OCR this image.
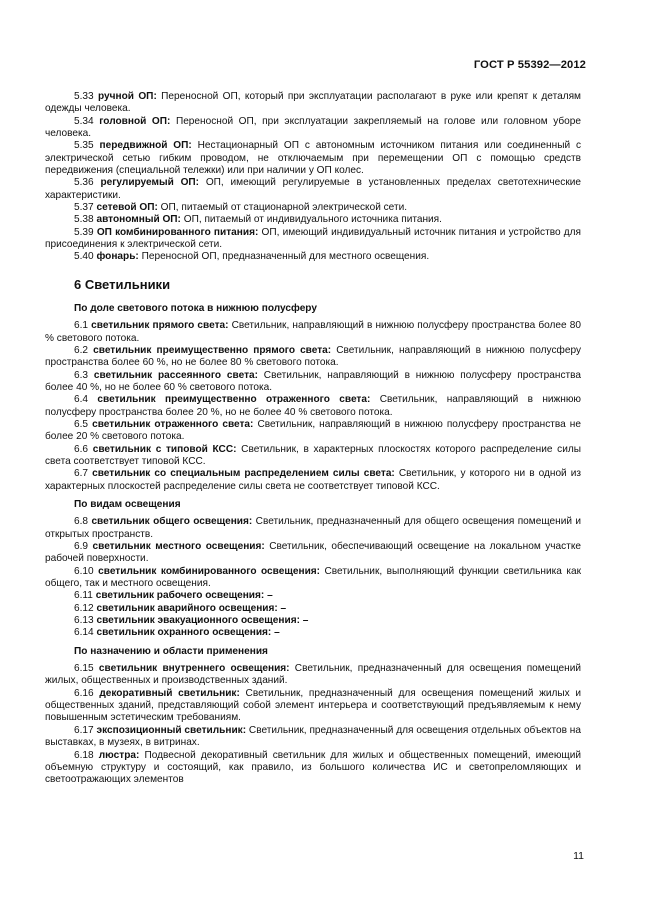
ГОСТ Р 55392—2012

5.33 ручной ОП: Переносной ОП, который при эксплуатации располагают в руке или крепят к деталям одежды человека.

5.34 головной ОП: Переносной ОП, при эксплуатации закрепляемый на голове или головном уборе человека.

5.35 передвижной ОП: Нестационарный ОП с автономным источником питания или соединенный с электрической сетью гибким проводом, не отключаемым при перемещении ОП с помощью средств передвижения (специальной тележки) или при наличии у ОП колес.

5.36 регулируемый ОП: ОП, имеющий регулируемые в установленных пределах светотехнические характеристики.

5.37 сетевой ОП: ОП, питаемый от стационарной электрической сети.

5.38 автономный ОП: ОП, питаемый от индивидуального источника питания.

5.39 ОП комбинированного питания: ОП, имеющий индивидуальный источник питания и устройство для присоединения к электрической сети.

5.40 фонарь: Переносной ОП, предназначенный для местного освещения.

6 Светильники
По доле светового потока в нижнюю полусферу

6.1 светильник прямого света: Светильник, направляющий в нижнюю полусферу пространства более 80 % светового потока.

6.2 светильник преимущественно прямого света: Светильник, направляющий в нижнюю полусферу пространства более 60 %, но не более 80 % светового потока.

6.3 светильник рассеянного света: Светильник, направляющий в нижнюю полусферу пространства более 40 %, но не более 60 % светового потока.

6.4 светильник преимущественно отраженного света: Светильник, направляющий в нижнюю полусферу пространства более 20 %, но не более 40 % светового потока.

6.5 светильник отраженного света: Светильник, направляющий в нижнюю полусферу пространства не более 20 % светового потока.

6.6 светильник с типовой КСС: Светильник, в характерных плоскостях которого распределение силы света соответствует типовой КСС.

6.7 светильник со специальным распределением силы света: Светильник, у которого ни в одной из характерных плоскостей распределение силы света не соответствует типовой КСС.

По видам освещения

6.8 светильник общего освещения: Светильник, предназначенный для общего освещения помещений и открытых пространств.

6.9 светильник местного освещения: Светильник, обеспечивающий освещение на локальном участке рабочей поверхности.

6.10 светильник комбинированного освещения: Светильник, выполняющий функции светильника как общего, так и местного освещения.

6.11 светильник рабочего освещения: –

6.12 светильник аварийного освещения: –

6.13 светильник эвакуационного освещения: –

6.14 светильник охранного освещения: –

По назначению и области применения

6.15 светильник внутреннего освещения: Светильник, предназначенный для освещения помещений жилых, общественных и производственных зданий.

6.16 декоративный светильник: Светильник, предназначенный для освещения помещений жилых и общественных зданий, представляющий собой элемент интерьера и соответствующий предъявляемым к нему повышенным эстетическим требованиям.

6.17 экспозиционный светильник: Светильник, предназначенный для освещения отдельных объектов на выставках, в музеях, в витринах.

6.18 люстра: Подвесной декоративный светильник для жилых и общественных помещений, имеющий объемную структуру и состоящий, как правило, из большого количества ИС и светопреломляющих и светоотражающих элементов

11
